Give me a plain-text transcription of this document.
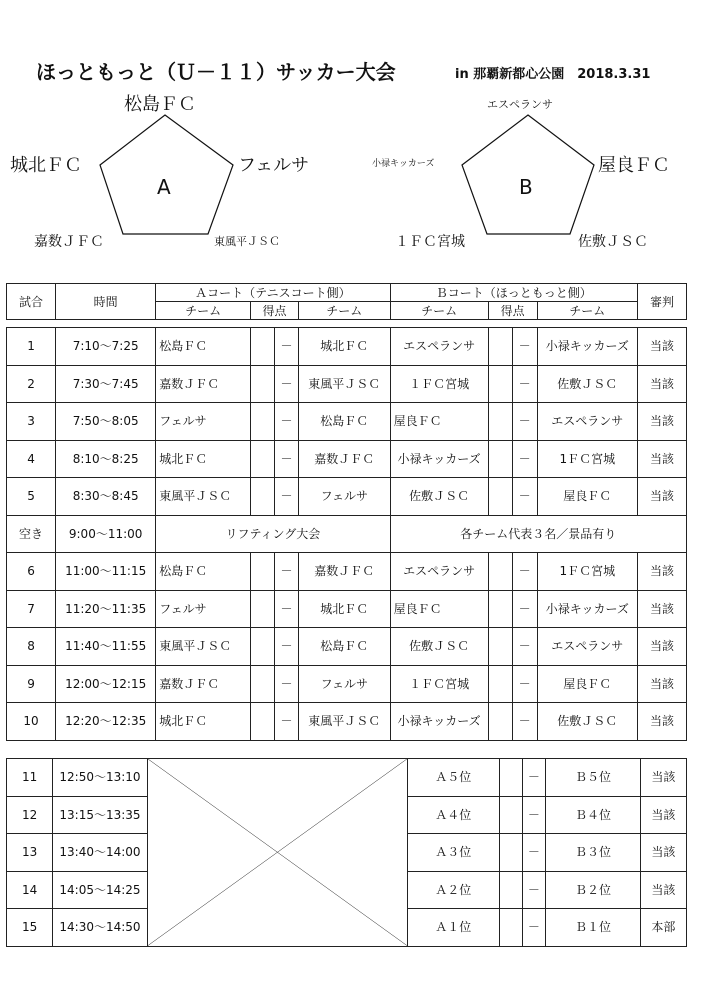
ほっともっと（Ｕ－１１）サッカー大会	in 那覇新都心公園　2018.3.31
A	B
松島ＦＣ
フェルサ
東風平ＪＳＣ
嘉数ＪＦＣ
城北ＦＣ
エスペランサ
屋良ＦＣ
佐敷ＪＳＣ
１ＦＣ宮城
小禄キッカーズ
試合	時間	Ａコート（テニスコート側）				Ｂコート（ほっともっと側）				審判
		チーム	得点		チーム	チーム	得点		チーム	

1	7:10～7:25	松島ＦＣ		－	城北ＦＣ	エスペランサ		－	小禄キッカーズ	当該
2	7:30～7:45	嘉数ＪＦＣ		－	東風平ＪＳＣ	１ＦＣ宮城		－	佐敷ＪＳＣ	当該
3	7:50～8:05	フェルサ		－	松島ＦＣ	屋良ＦＣ		－	エスペランサ	当該
4	8:10～8:25	城北ＦＣ		－	嘉数ＪＦＣ	小禄キッカーズ		－	1ＦＣ宮城	当該
5	8:30～8:45	東風平ＪＳＣ		－	フェルサ	佐敷ＪＳＣ		－	屋良ＦＣ	当該
空き	9:00～11:00	リフティング大会				各チーム代表３名／景品有り				
6	11:00～11:15	松島ＦＣ		－	嘉数ＪＦＣ	エスペランサ		－	1ＦＣ宮城	当該
7	11:20～11:35	フェルサ		－	城北ＦＣ	屋良ＦＣ		－	小禄キッカーズ	当該
8	11:40～11:55	東風平ＪＳＣ		－	松島ＦＣ	佐敷ＪＳＣ		－	エスペランサ	当該
9	12:00～12:15	嘉数ＪＦＣ		－	フェルサ	１ＦＣ宮城		－	屋良ＦＣ	当該
10	12:20～12:35	城北ＦＣ		－	東風平ＪＳＣ	小禄キッカーズ		－	佐敷ＪＳＣ	当該
11	12:50～13:10		Ａ５位		－	Ｂ５位	当該
12	13:15～13:35		Ａ４位		－	Ｂ４位	当該
13	13:40～14:00		Ａ３位		－	Ｂ３位	当該
14	14:05～14:25		Ａ２位		－	Ｂ２位	当該
15	14:30～14:50		Ａ１位		－	Ｂ１位	本部
